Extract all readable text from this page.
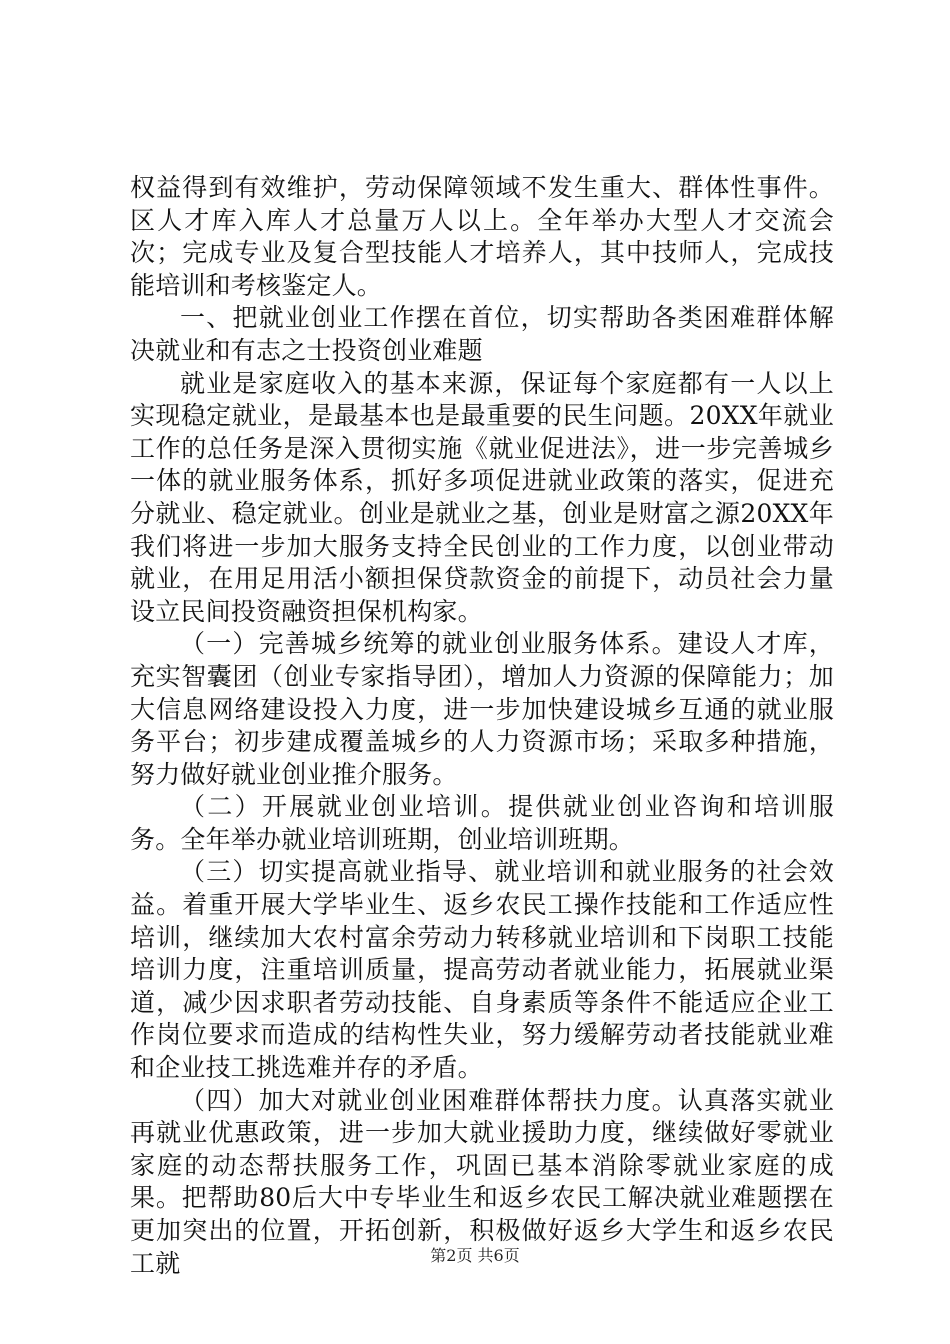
权益得到有效维护，劳动保障领域不发生重大、群体性事件。区人才库入库人才总量万人以上。全年举办大型人才交流会次；完成专业及复合型技能人才培养人，其中技师人，完成技能培训和考核鉴定人。

一、把就业创业工作摆在首位，切实帮助各类困难群体解决就业和有志之士投资创业难题

就业是家庭收入的基本来源，保证每个家庭都有一人以上实现稳定就业，是最基本也是最重要的民生问题。20XX年就业工作的总任务是深入贯彻实施《就业促进法》，进一步完善城乡一体的就业服务体系，抓好多项促进就业政策的落实，促进充分就业、稳定就业。创业是就业之基，创业是财富之源20XX年我们将进一步加大服务支持全民创业的工作力度，以创业带动就业，在用足用活小额担保贷款资金的前提下，动员社会力量设立民间投资融资担保机构家。

（一）完善城乡统筹的就业创业服务体系。建设人才库，充实智囊团（创业专家指导团），增加人力资源的保障能力；加大信息网络建设投入力度，进一步加快建设城乡互通的就业服务平台；初步建成覆盖城乡的人力资源市场；采取多种措施，努力做好就业创业推介服务。

（二）开展就业创业培训。提供就业创业咨询和培训服务。全年举办就业培训班期，创业培训班期。

（三）切实提高就业指导、就业培训和就业服务的社会效益。着重开展大学毕业生、返乡农民工操作技能和工作适应性培训，继续加大农村富余劳动力转移就业培训和下岗职工技能培训力度，注重培训质量，提高劳动者就业能力，拓展就业渠道，减少因求职者劳动技能、自身素质等条件不能适应企业工作岗位要求而造成的结构性失业，努力缓解劳动者技能就业难和企业技工挑选难并存的矛盾。

（四）加大对就业创业困难群体帮扶力度。认真落实就业再就业优惠政策，进一步加大就业援助力度，继续做好零就业家庭的动态帮扶服务工作，巩固已基本消除零就业家庭的成果。把帮助80后大中专毕业生和返乡农民工解决就业难题摆在更加突出的位置，开拓创新，积极做好返乡大学生和返乡农民工就	第2页 共6页
